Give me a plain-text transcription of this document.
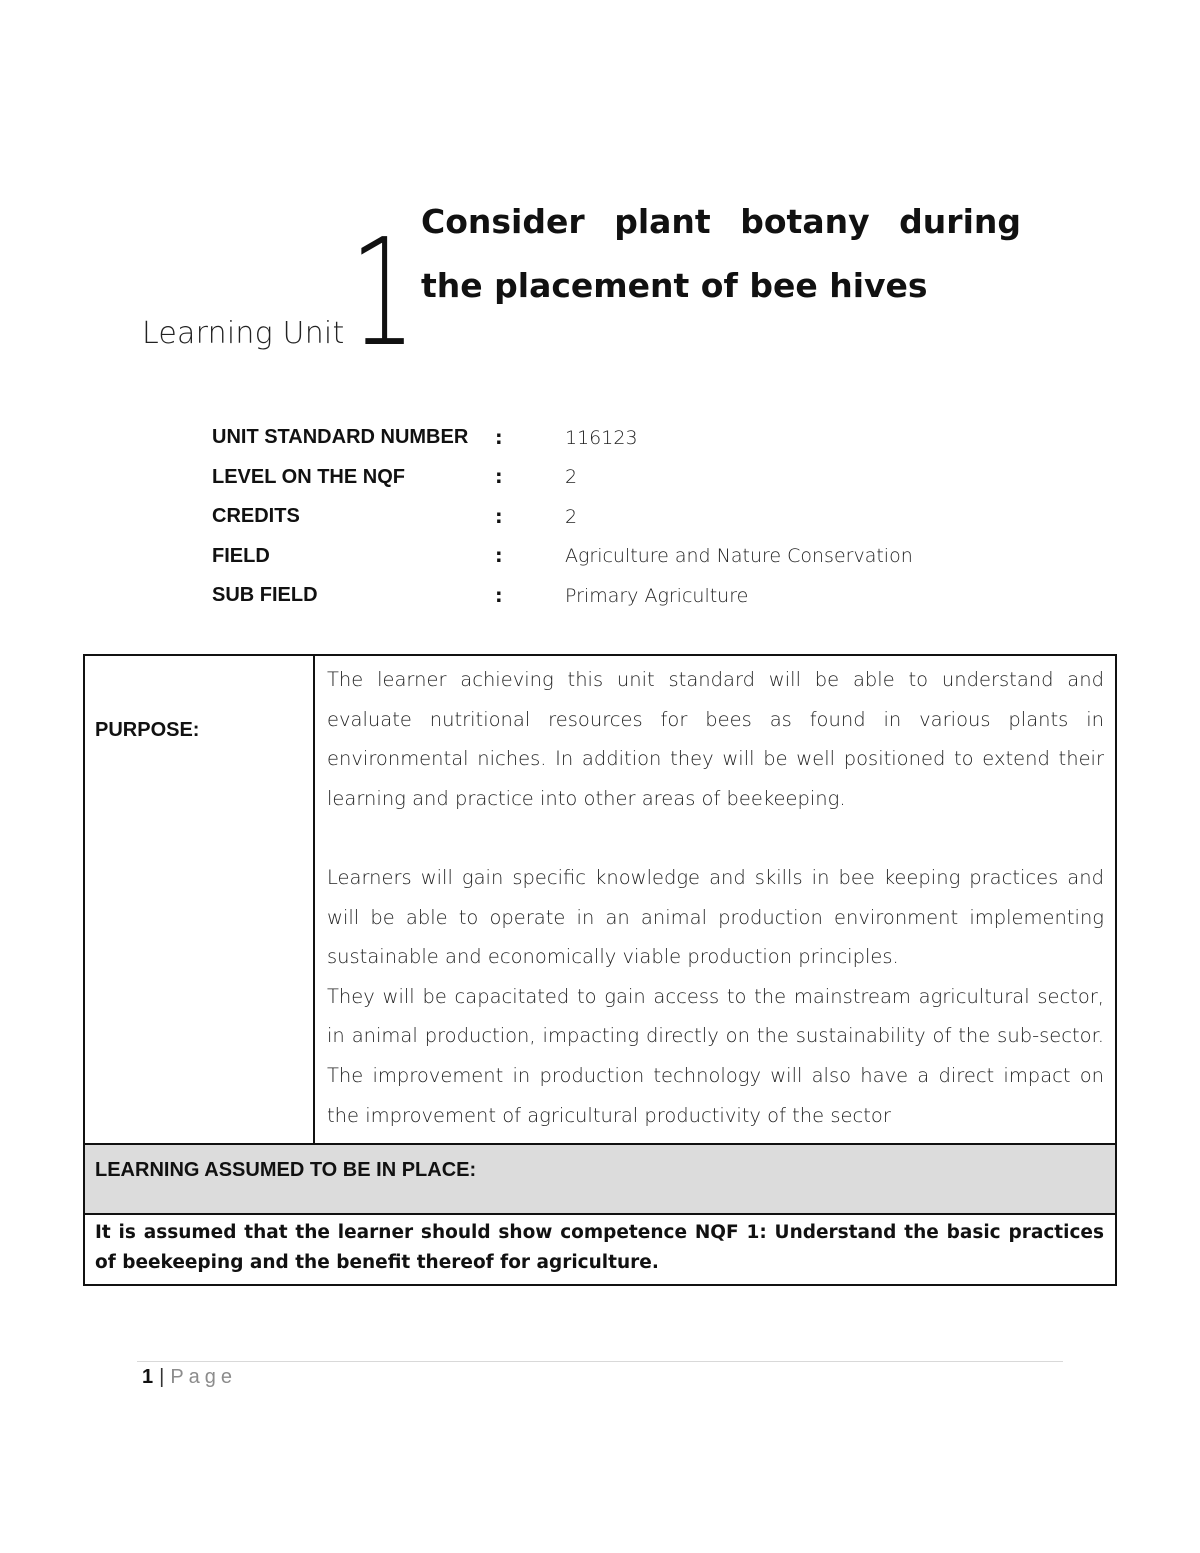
Learning Unit 1 Consider plant botany during the placement of bee hives
UNIT STANDARD NUMBER	:	116123
LEVEL ON THE NQF	:	2
CREDITS	:	2
FIELD	:	Agriculture and Nature Conservation
SUB FIELD	:	Primary Agriculture
PURPOSE:	

The learner achieving this unit standard will be able to understand and evaluate nutritional resources for bees as found in various plants in environmental niches. In addition they will be well positioned to extend their learning and practice into other areas of beekeeping.

Learners will gain specific knowledge and skills in bee keeping practices and will be able to operate in an animal production environment implementing sustainable and economically viable production principles.

They will be capacitated to gain access to the mainstream agricultural sector, in animal production, impacting directly on the sustainability of the sub-sector. The improvement in production technology will also have a direct impact on the improvement of agricultural productivity of the sector

LEARNING ASSUMED TO BE IN PLACE:
It is assumed that the learner should show competence NQF 1: Understand the basic practices of beekeeping and the benefit thereof for agriculture.
1 | Page
